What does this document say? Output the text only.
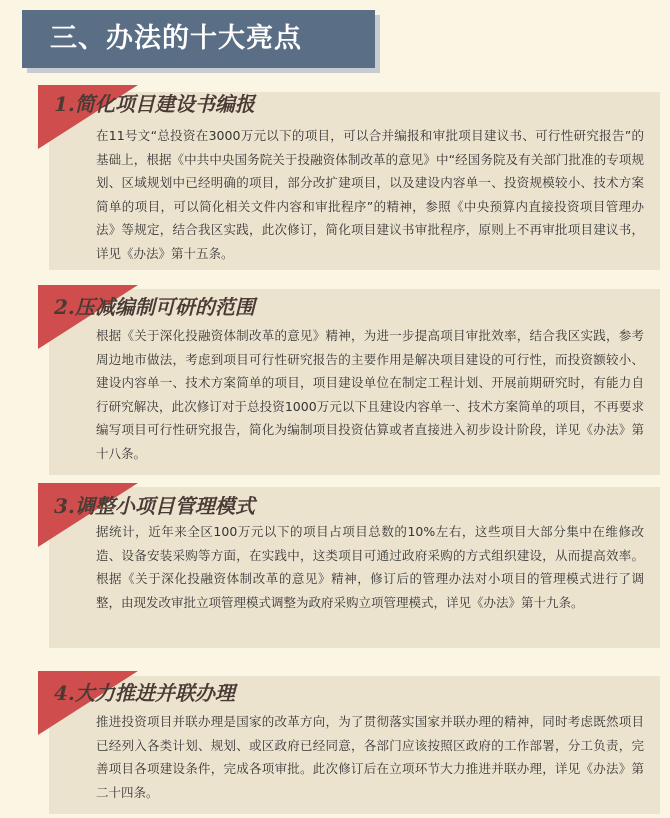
三、办法的十大亮点
在11号文“总投资在3000万元以下的项目，可以合并编报和审批项目建议书、可行性研究报告”的基础上，根据《中共中央国务院关于投融资体制改革的意见》中“经国务院及有关部门批准的专项规划、区域规划中已经明确的项目，部分改扩建项目，以及建设内容单一、投资规模较小、技术方案简单的项目，可以简化相关文件内容和审批程序”的精神，参照《中央预算内直接投资项目管理办法》等规定，结合我区实践，此次修订，简化项目建议书审批程序，原则上不再审批项目建议书，详见《办法》第十五条。
1.简化项目建设书编报
根据《关于深化投融资体制改革的意见》精神，为进一步提高项目审批效率，结合我区实践，参考周边地市做法，考虑到项目可行性研究报告的主要作用是解决项目建设的可行性，而投资额较小、建设内容单一、技术方案简单的项目，项目建设单位在制定工程计划、开展前期研究时，有能力自行研究解决，此次修订对于总投资1000万元以下且建设内容单一、技术方案简单的项目，不再要求编写项目可行性研究报告，简化为编制项目投资估算或者直接进入初步设计阶段，详见《办法》第十八条。
2.压减编制可研的范围
据统计，近年来全区100万元以下的项目占项目总数的10%左右，这些项目大部分集中在维修改造、设备安装采购等方面，在实践中，这类项目可通过政府采购的方式组织建设，从而提高效率。根据《关于深化投融资体制改革的意见》精神，修订后的管理办法对小项目的管理模式进行了调整，由现发改审批立项管理模式调整为政府采购立项管理模式，详见《办法》第十九条。
3.调整小项目管理模式
推进投资项目并联办理是国家的改革方向，为了贯彻落实国家并联办理的精神，同时考虑既然项目已经列入各类计划、规划、或区政府已经同意，各部门应该按照区政府的工作部署，分工负责，完善项目各项建设条件，完成各项审批。此次修订后在立项环节大力推进并联办理，详见《办法》第二十四条。
4.大力推进并联办理
